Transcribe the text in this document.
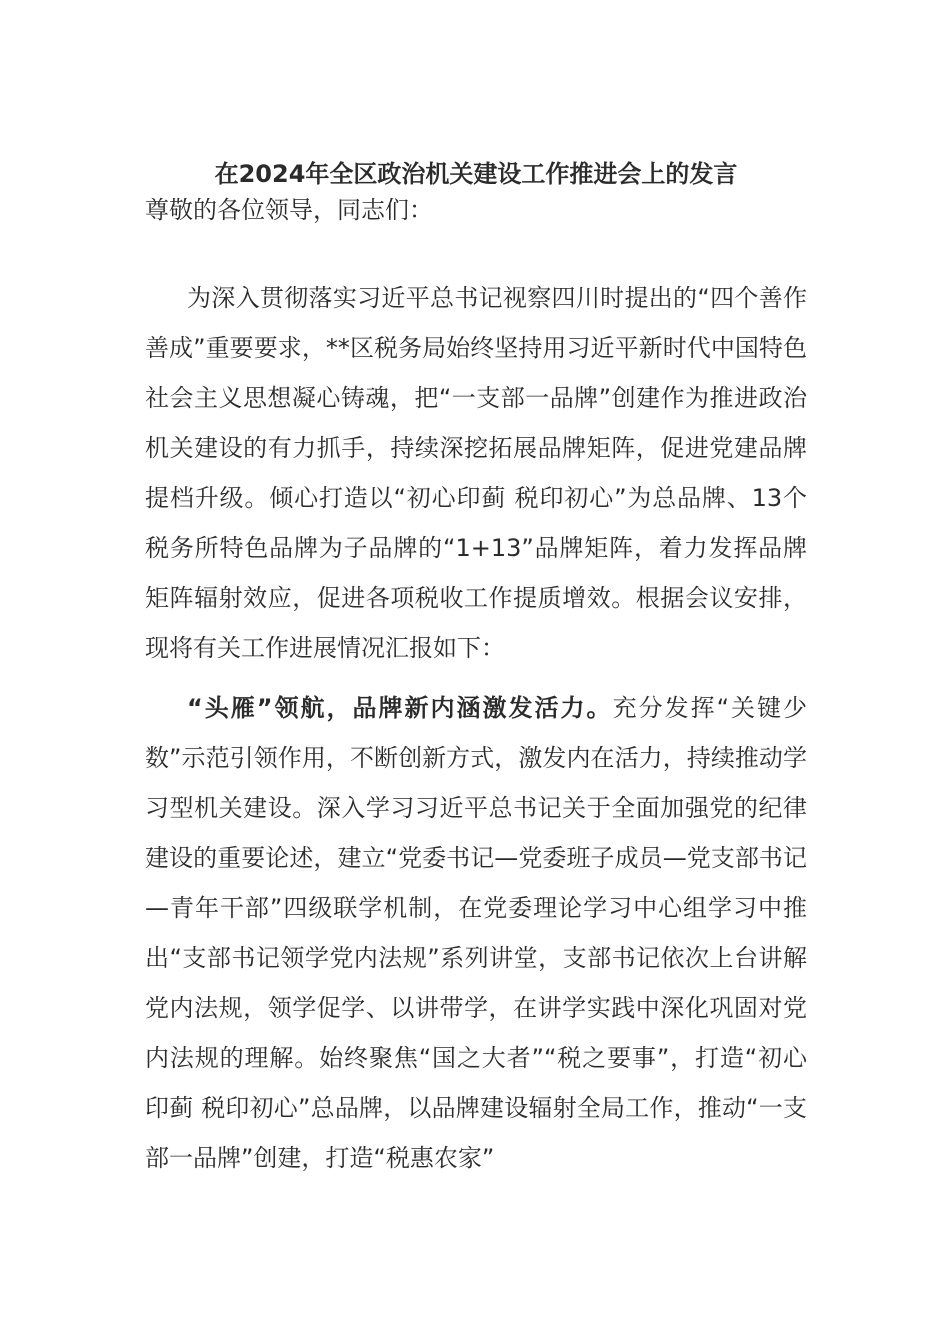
在2024年全区政治机关建设工作推进会上的发言

尊敬的各位领导，同志们：

为深入贯彻落实习近平总书记视察四川时提出的“四个善作善成”重要要求，**区税务局始终坚持用习近平新时代中国特色社会主义思想凝心铸魂，把“一支部一品牌”创建作为推进政治机关建设的有力抓手，持续深挖拓展品牌矩阵，促进党建品牌提档升级。倾心打造以“初心印蓟 税印初心”为总品牌、13个税务所特色品牌为子品牌的“1+13”品牌矩阵，着力发挥品牌矩阵辐射效应，促进各项税收工作提质增效。根据会议安排，现将有关工作进展情况汇报如下：

“头雁”领航，品牌新内涵激发活力。充分发挥“关键少数”示范引领作用，不断创新方式，激发内在活力，持续推动学习型机关建设。深入学习习近平总书记关于全面加强党的纪律建设的重要论述，建立“党委书记—党委班子成员—党支部书记—青年干部”四级联学机制，在党委理论学习中心组学习中推出“支部书记领学党内法规”系列讲堂，支部书记依次上台讲解党内法规，领学促学、以讲带学，在讲学实践中深化巩固对党内法规的理解。始终聚焦“国之大者”“税之要事”，打造“初心印蓟 税印初心”总品牌，以品牌建设辐射全局工作，推动“一支部一品牌”创建，打造“税惠农家”
